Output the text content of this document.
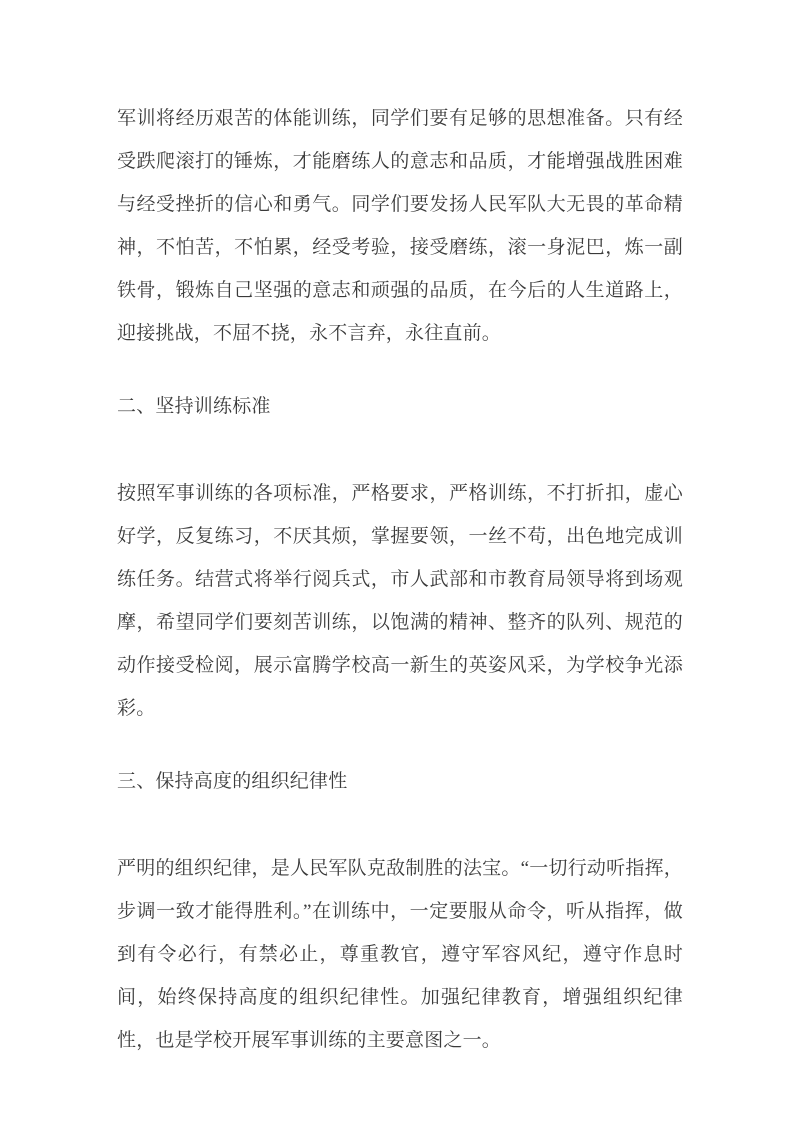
军训将经历艰苦的体能训练，同学们要有足够的思想准备。只有经受跌爬滚打的锤炼，才能磨练人的意志和品质，才能增强战胜困难与经受挫折的信心和勇气。同学们要发扬人民军队大无畏的革命精神，不怕苦，不怕累，经受考验，接受磨练，滚一身泥巴，炼一副铁骨，锻炼自己坚强的意志和顽强的品质，在今后的人生道路上，迎接挑战，不屈不挠，永不言弃，永往直前。

二、坚持训练标准

按照军事训练的各项标准，严格要求，严格训练，不打折扣，虚心好学，反复练习，不厌其烦，掌握要领，一丝不苟，出色地完成训练任务。结营式将举行阅兵式，市人武部和市教育局领导将到场观摩，希望同学们要刻苦训练，以饱满的精神、整齐的队列、规范的动作接受检阅，展示富腾学校高一新生的英姿风采，为学校争光添彩。

三、保持高度的组织纪律性

严明的组织纪律，是人民军队克敌制胜的法宝。“一切行动听指挥，步调一致才能得胜利。”在训练中，一定要服从命令，听从指挥，做到有令必行，有禁必止，尊重教官，遵守军容风纪，遵守作息时间，始终保持高度的组织纪律性。加强纪律教育，增强组织纪律性，也是学校开展军事训练的主要意图之一。
